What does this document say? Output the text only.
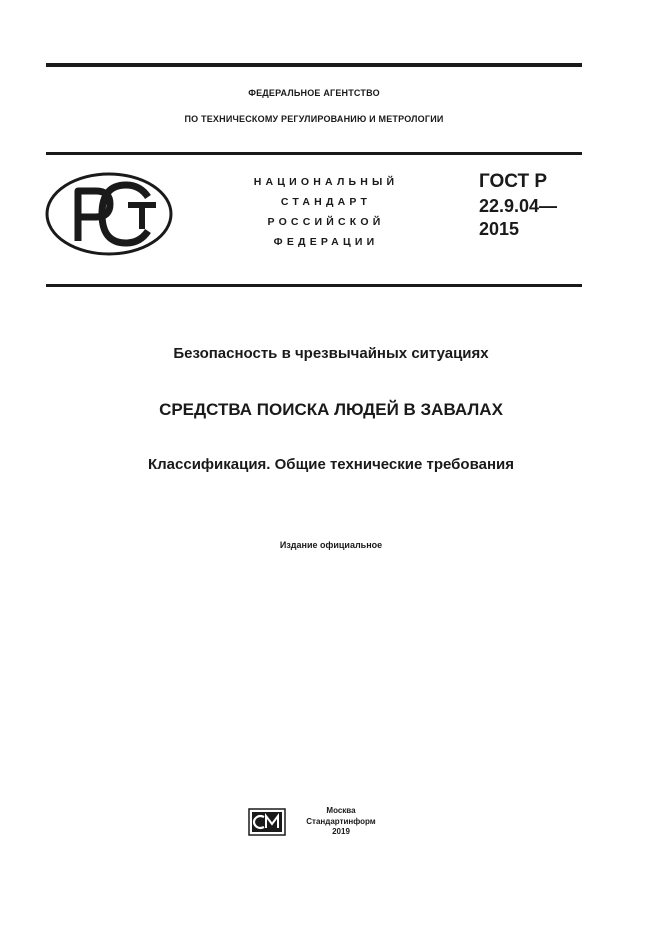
ФЕДЕРАЛЬНОЕ АГЕНТСТВО
ПО ТЕХНИЧЕСКОМУ РЕГУЛИРОВАНИЮ И МЕТРОЛОГИИ
НАЦИОНАЛЬНЫЙ
СТАНДАРТ
РОССИЙСКОЙ
ФЕДЕРАЦИИ
ГОСТ Р
22.9.04—
2015
Безопасность в чрезвычайных ситуациях
СРЕДСТВА ПОИСКА ЛЮДЕЙ В ЗАВАЛАХ
Классификация. Общие технические требования
Издание официальное
Москва
Стандартинформ
2019
